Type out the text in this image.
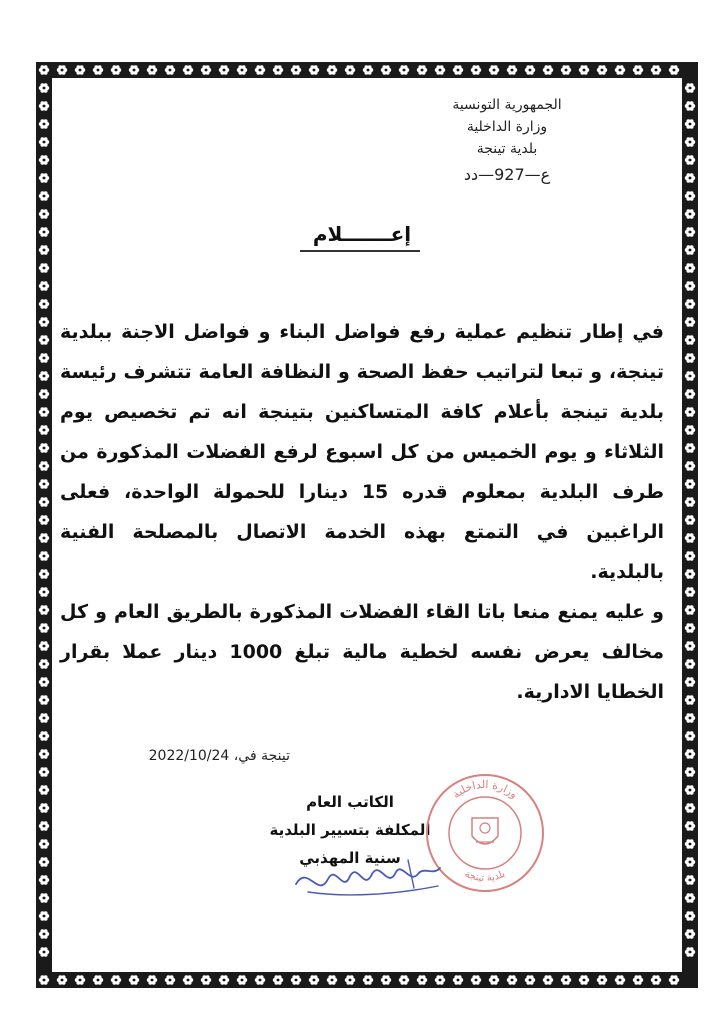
الجمهورية التونسية
وزارة الداخلية
بلدية تينجة
ع—927—دد
إعـــــــلام

في إطار تنظيم عملية رفع فواضل البناء و فواضل الاجنة ببلدية تينجة، و تبعا لتراتيب حفظ الصحة و النظافة العامة تتشرف رئيسة بلدية تينجة بأعلام كافة المتساكنين بتينجة انه تم تخصيص يوم الثلاثاء و يوم الخميس من كل اسبوع لرفع الفضلات المذكورة من طرف البلدية بمعلوم قدره 15 دينارا للحمولة الواحدة، فعلى الراغبين في التمتع بهذه الخدمة الاتصال بالمصلحة الفنية بالبلدية.

و عليه يمنع منعا باتا القاء الفضلات المذكورة بالطريق العام و كل مخالف يعرض نفسه لخطية مالية تبلغ 1000 دينار عملا بقرار الخطايا الادارية.

تينجة في، 2022/10/24
الكاتب العام
المكلفة بتسيير البلدية
سنية المهذبي
وزارة الداخلية
بلدية تينجة
